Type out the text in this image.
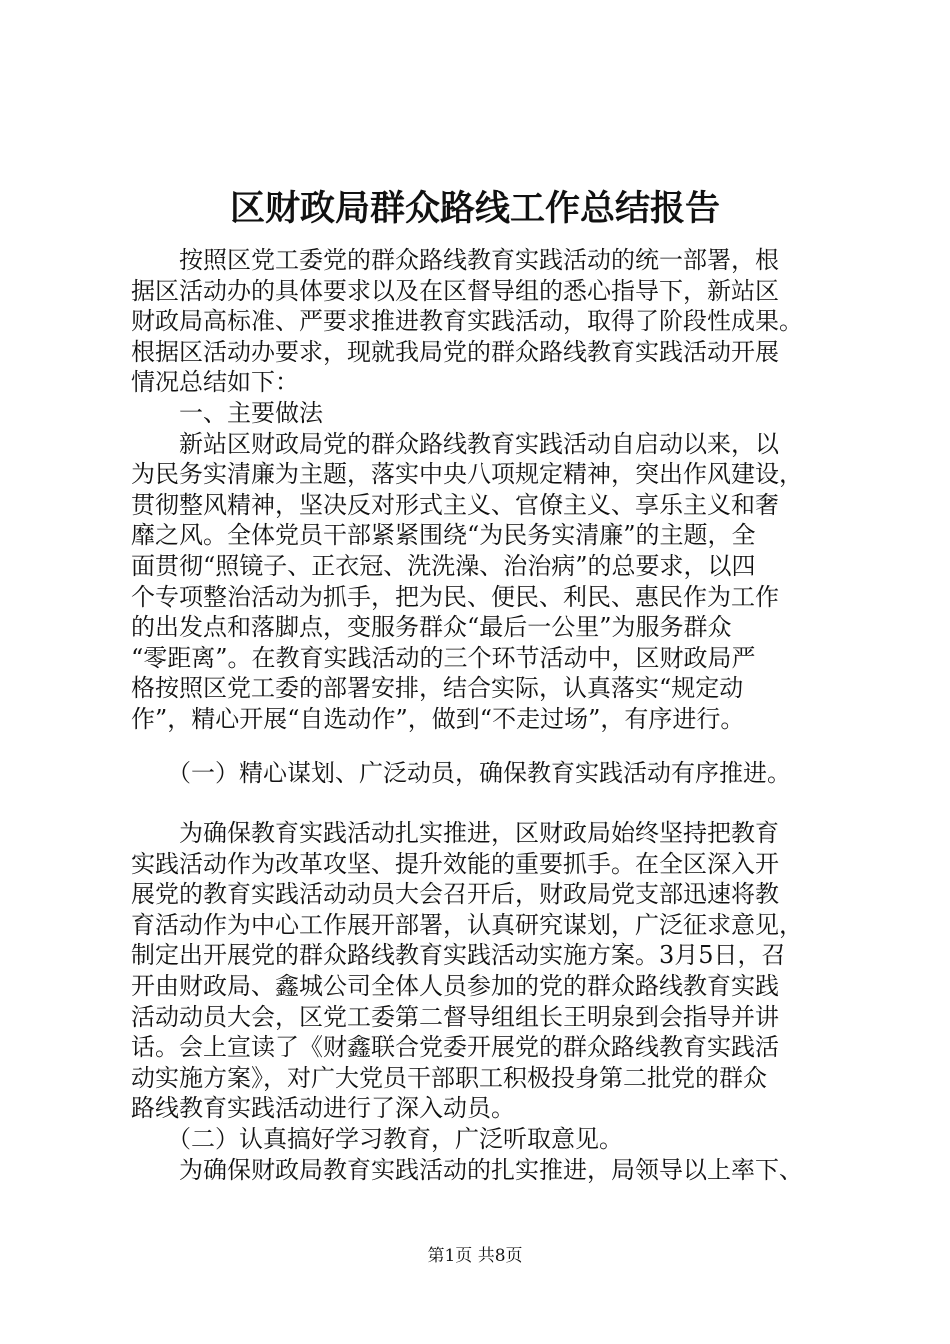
区财政局群众路线工作总结报告
　　按照区党工委党的群众路线教育实践活动的统一部署，根
据区活动办的具体要求以及在区督导组的悉心指导下，新站区
财政局高标准、严要求推进教育实践活动，取得了阶段性成果。
根据区活动办要求，现就我局党的群众路线教育实践活动开展
情况总结如下：
　　一、主要做法
　　新站区财政局党的群众路线教育实践活动自启动以来，以
为民务实清廉为主题，落实中央八项规定精神，突出作风建设，
贯彻整风精神，坚决反对形式主义、官僚主义、享乐主义和奢
靡之风。全体党员干部紧紧围绕“为民务实清廉”的主题，全
面贯彻“照镜子、正衣冠、洗洗澡、治治病”的总要求，以四
个专项整治活动为抓手，把为民、便民、利民、惠民作为工作
的出发点和落脚点，变服务群众“最后一公里”为服务群众
“零距离”。在教育实践活动的三个环节活动中，区财政局严
格按照区党工委的部署安排，结合实际，认真落实“规定动
作”，精心开展“自选动作”，做到“不走过场”，有序进行。
　　（一）精心谋划、广泛动员，确保教育实践活动有序推进。
　　为确保教育实践活动扎实推进，区财政局始终坚持把教育
实践活动作为改革攻坚、提升效能的重要抓手。在全区深入开
展党的教育实践活动动员大会召开后，财政局党支部迅速将教
育活动作为中心工作展开部署，认真研究谋划，广泛征求意见，
制定出开展党的群众路线教育实践活动实施方案。3月5日，召
开由财政局、鑫城公司全体人员参加的党的群众路线教育实践
活动动员大会，区党工委第二督导组组长王明泉到会指导并讲
话。会上宣读了《财鑫联合党委开展党的群众路线教育实践活
动实施方案》，对广大党员干部职工积极投身第二批党的群众
路线教育实践活动进行了深入动员。
　　（二）认真搞好学习教育，广泛听取意见。
　　为确保财政局教育实践活动的扎实推进，局领导以上率下、
第1页 共8页
